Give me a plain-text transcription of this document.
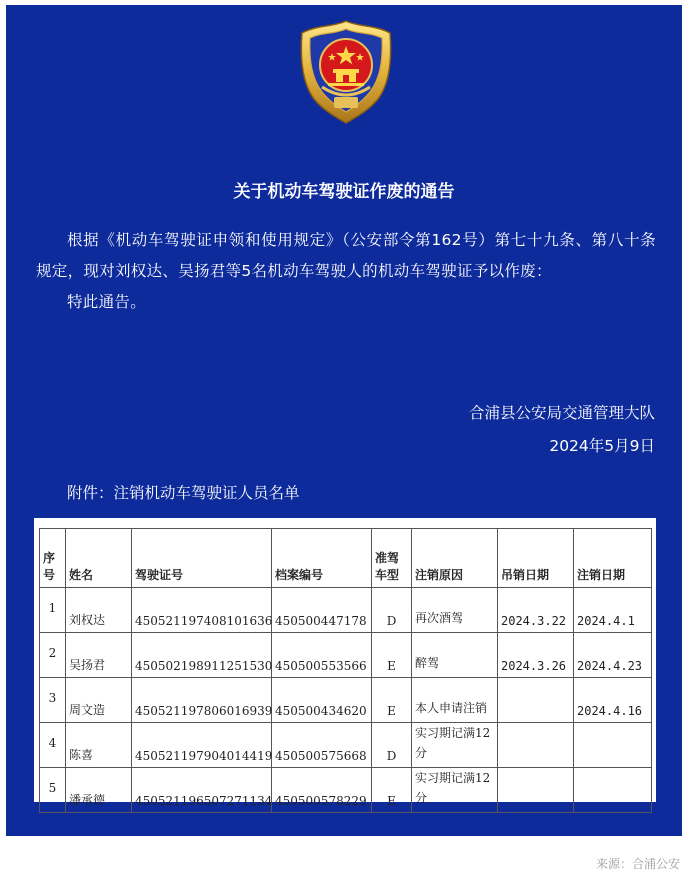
关于机动车驾驶证作废的通告

根据《机动车驾驶证申领和使用规定》（公安部令第162号）第七十九条、第八十条规定，现对刘权达、吴扬君等5名机动车驾驶人的机动车驾驶证予以作废：

特此通告。

合浦县公安局交通管理大队
2024年5月9日
附件：注销机动车驾驶证人员名单
序号	姓名	驾驶证号	档案编号	准驾车型	注销原因	吊销日期	注销日期
1	刘权达	450521197408101636	450500447178	D	再次酒驾	2024.3.22	2024.4.1
2	吴扬君	450502198911251530	450500553566	E	醉驾	2024.3.26	2024.4.23
3	周文造	450521197806016939	450500434620	E	本人申请注销		2024.4.16
4	陈喜	450521197904014419	450500575668	D	实习期记满12分		
5	潘承德	450521196507271134	450500578229	E	实习期记满12分		
来源：合浦公安
